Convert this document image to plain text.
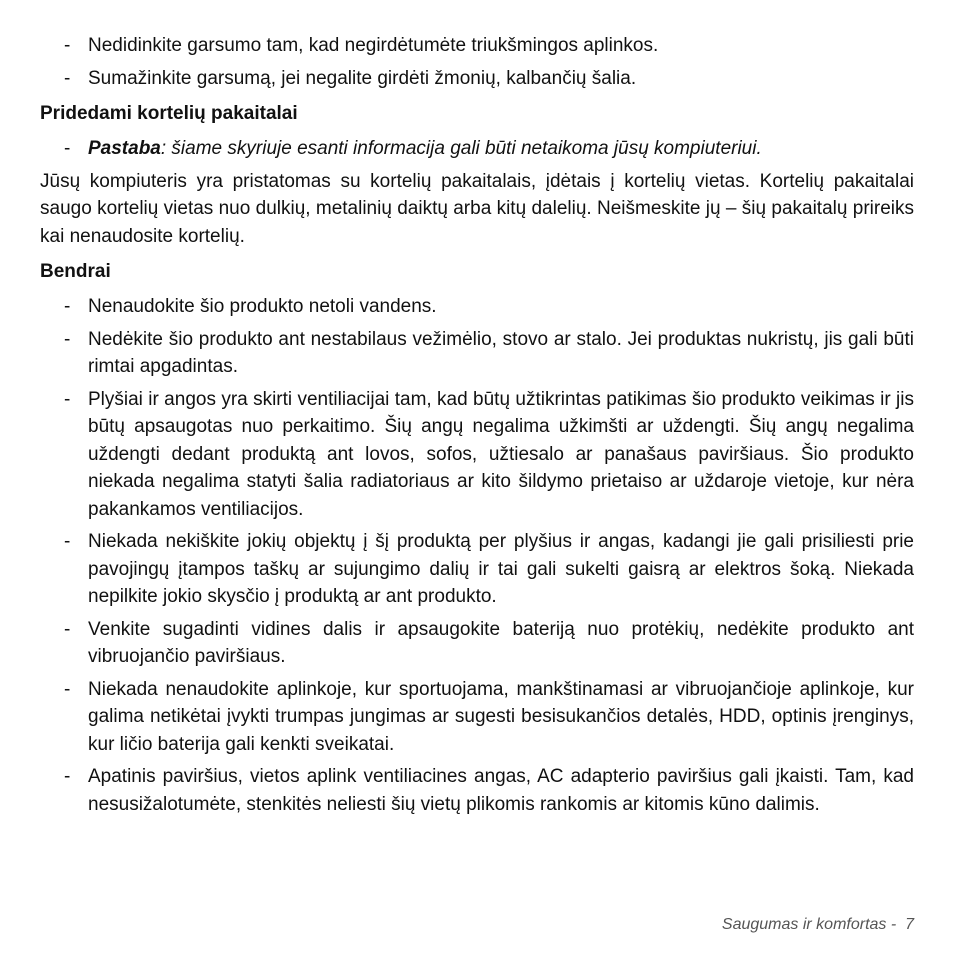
- Nedidinkite garsumo tam, kad negirdėtumėte triukšmingos aplinkos.
- Sumažinkite garsumą, jei negalite girdėti žmonių, kalbančių šalia.

Pridedami kortelių pakaitalai

- Pastaba: šiame skyriuje esanti informacija gali būti netaikoma jūsų kompiuteriui.

Jūsų kompiuteris yra pristatomas su kortelių pakaitalais, įdėtais į kortelių vietas. Kortelių pakaitalai saugo kortelių vietas nuo dulkių, metalinių daiktų arba kitų dalelių. Neišmeskite jų – šių pakaitalų prireiks kai nenaudosite kortelių.

Bendrai

- Nenaudokite šio produkto netoli vandens.
- Nedėkite šio produkto ant nestabilaus vežimėlio, stovo ar stalo. Jei produktas nukristų, jis gali būti rimtai apgadintas.
- Plyšiai ir angos yra skirti ventiliacijai tam, kad būtų užtikrintas patikimas šio produkto veikimas ir jis būtų apsaugotas nuo perkaitimo. Šių angų negalima užkimšti ar uždengti. Šių angų negalima uždengti dedant produktą ant lovos, sofos, užtiesalo ar panašaus paviršiaus. Šio produkto niekada negalima statyti šalia radiatoriaus ar kito šildymo prietaiso ar uždaroje vietoje, kur nėra pakankamos ventiliacijos.
- Niekada nekiškite jokių objektų į šį produktą per plyšius ir angas, kadangi jie gali prisiliesti prie pavojingų įtampos taškų ar sujungimo dalių ir tai gali sukelti gaisrą ar elektros šoką. Niekada nepilkite jokio skysčio į produktą ar ant produkto.
- Venkite sugadinti vidines dalis ir apsaugokite bateriją nuo protėkių, nedėkite produkto ant vibruojančio paviršiaus.
- Niekada nenaudokite aplinkoje, kur sportuojama, mankštinamasi ar vibruojančioje aplinkoje, kur galima netikėtai įvykti trumpas jungimas ar sugesti besisukančios detalės, HDD, optinis įrenginys, kur ličio baterija gali kenkti sveikatai.
- Apatinis paviršius, vietos aplink ventiliacines angas, AC adapterio paviršius gali įkaisti. Tam, kad nesusižalotumėte, stenkitės neliesti šių vietų plikomis rankomis ar kitomis kūno dalimis.
Saugumas ir komfortas -  7
